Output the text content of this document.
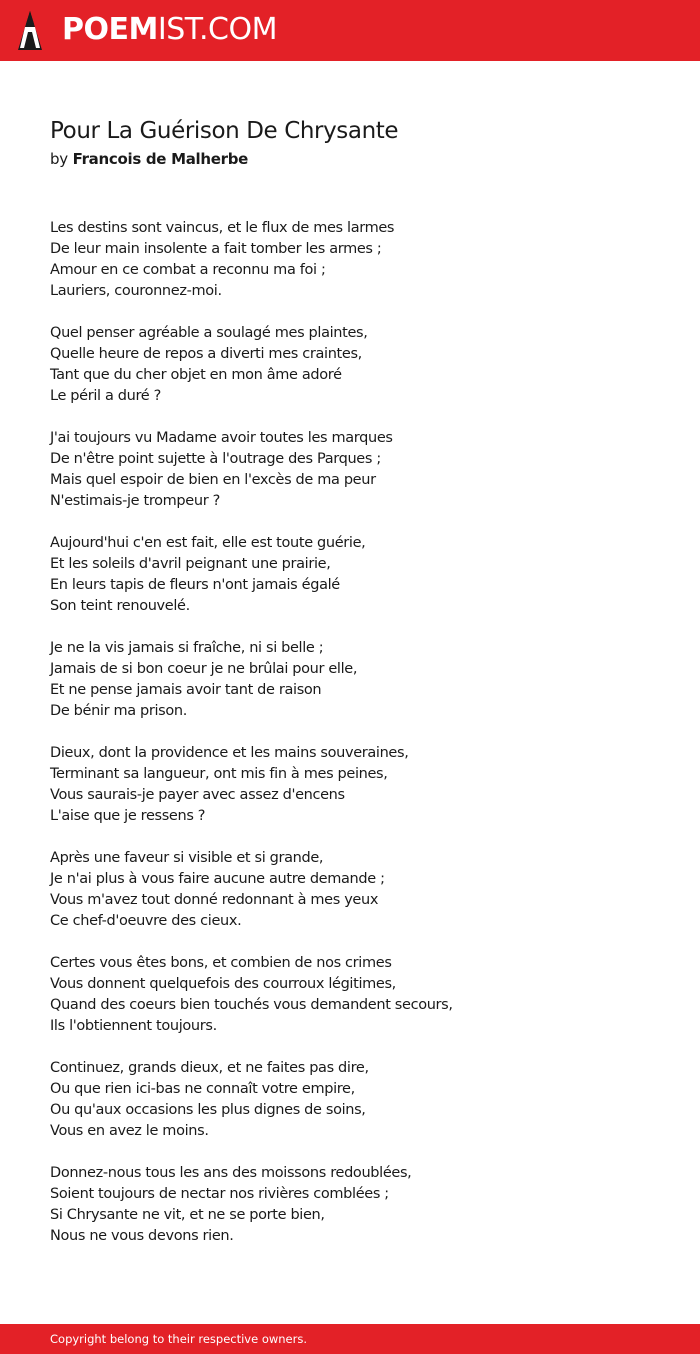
POEMIST.COM
Pour La Guérison De Chrysante
by Francois de Malherbe
Les destins sont vaincus, et le flux de mes larmes
De leur main insolente a fait tomber les armes ;
Amour en ce combat a reconnu ma foi ;
Lauriers, couronnez-moi.
Quel penser agréable a soulagé mes plaintes,
Quelle heure de repos a diverti mes craintes,
Tant que du cher objet en mon âme adoré
Le péril a duré ?
J'ai toujours vu Madame avoir toutes les marques
De n'être point sujette à l'outrage des Parques ;
Mais quel espoir de bien en l'excès de ma peur
N'estimais-je trompeur ?
Aujourd'hui c'en est fait, elle est toute guérie,
Et les soleils d'avril peignant une prairie,
En leurs tapis de fleurs n'ont jamais égalé
Son teint renouvelé.
Je ne la vis jamais si fraîche, ni si belle ;
Jamais de si bon coeur je ne brûlai pour elle,
Et ne pense jamais avoir tant de raison
De bénir ma prison.
Dieux, dont la providence et les mains souveraines,
Terminant sa langueur, ont mis fin à mes peines,
Vous saurais-je payer avec assez d'encens
L'aise que je ressens ?
Après une faveur si visible et si grande,
Je n'ai plus à vous faire aucune autre demande ;
Vous m'avez tout donné redonnant à mes yeux
Ce chef-d'oeuvre des cieux.
Certes vous êtes bons, et combien de nos crimes
Vous donnent quelquefois des courroux légitimes,
Quand des coeurs bien touchés vous demandent secours,
Ils l'obtiennent toujours.
Continuez, grands dieux, et ne faites pas dire,
Ou que rien ici-bas ne connaît votre empire,
Ou qu'aux occasions les plus dignes de soins,
Vous en avez le moins.
Donnez-nous tous les ans des moissons redoublées,
Soient toujours de nectar nos rivières comblées ;
Si Chrysante ne vit, et ne se porte bien,
Nous ne vous devons rien.
Copyright belong to their respective owners.
